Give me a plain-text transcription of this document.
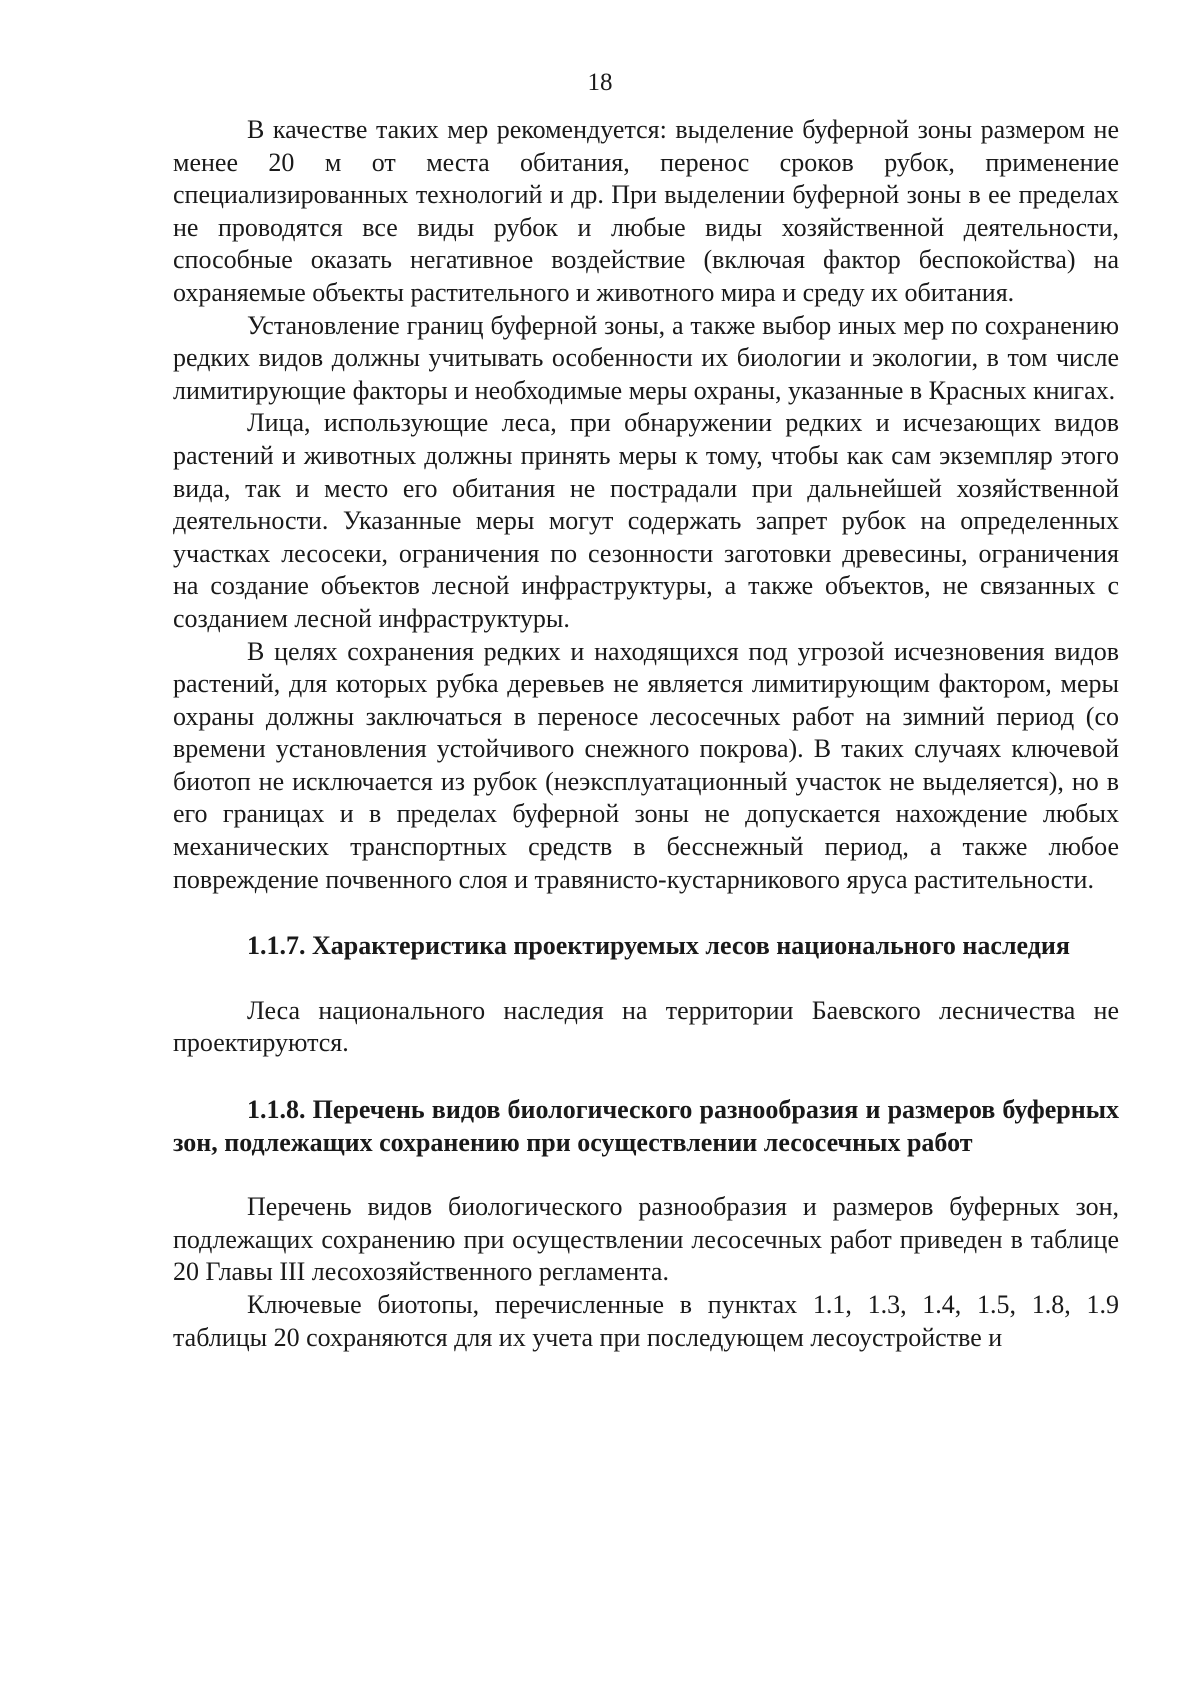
18

В качестве таких мер рекомендуется: выделение буферной зоны размером не менее 20 м от места обитания, перенос сроков рубок, применение специализированных технологий и др. При выделении буферной зоны в ее пределах не проводятся все виды рубок и любые виды хозяйственной деятельности, способные оказать негативное воздействие (включая фактор беспокойства) на охраняемые объекты растительного и животного мира и среду их обитания.

Установление границ буферной зоны, а также выбор иных мер по сохранению редких видов должны учитывать особенности их биологии и экологии, в том числе лимитирующие факторы и необходимые меры охраны, указанные в Красных книгах.

Лица, использующие леса, при обнаружении редких и исчезающих видов растений и животных должны принять меры к тому, чтобы как сам экземпляр этого вида, так и место его обитания не пострадали при дальнейшей хозяйственной деятельности. Указанные меры могут содержать запрет рубок на определенных участках лесосеки, ограничения по сезонности заготовки древесины, ограничения на создание объектов лесной инфраструктуры, а также объектов, не связанных с созданием лесной инфраструктуры.

В целях сохранения редких и находящихся под угрозой исчезновения видов растений, для которых рубка деревьев не является лимитирующим фактором, меры охраны должны заключаться в переносе лесосечных работ на зимний период (со времени установления устойчивого снежного покрова). В таких случаях ключевой биотоп не исключается из рубок (неэксплуатационный участок не выделяется), но в его границах и в пределах буферной зоны не допускается нахождение любых механических транспортных средств в бесснежный период, а также любое повреждение почвенного слоя и травянисто-кустарникового яруса растительности.

1.1.7. Характеристика проектируемых лесов национального наследия

Леса национального наследия на территории Баевского лесничества не проектируются.

1.1.8. Перечень видов биологического разнообразия и размеров буферных зон, подлежащих сохранению при осуществлении лесосечных работ

Перечень видов биологического разнообразия и размеров буферных зон, подлежащих сохранению при осуществлении лесосечных работ приведен в таблице 20 Главы III лесохозяйственного регламента.

Ключевые биотопы, перечисленные в пунктах 1.1, 1.3, 1.4, 1.5, 1.8, 1.9 таблицы 20 сохраняются для их учета при последующем лесоустройстве и
